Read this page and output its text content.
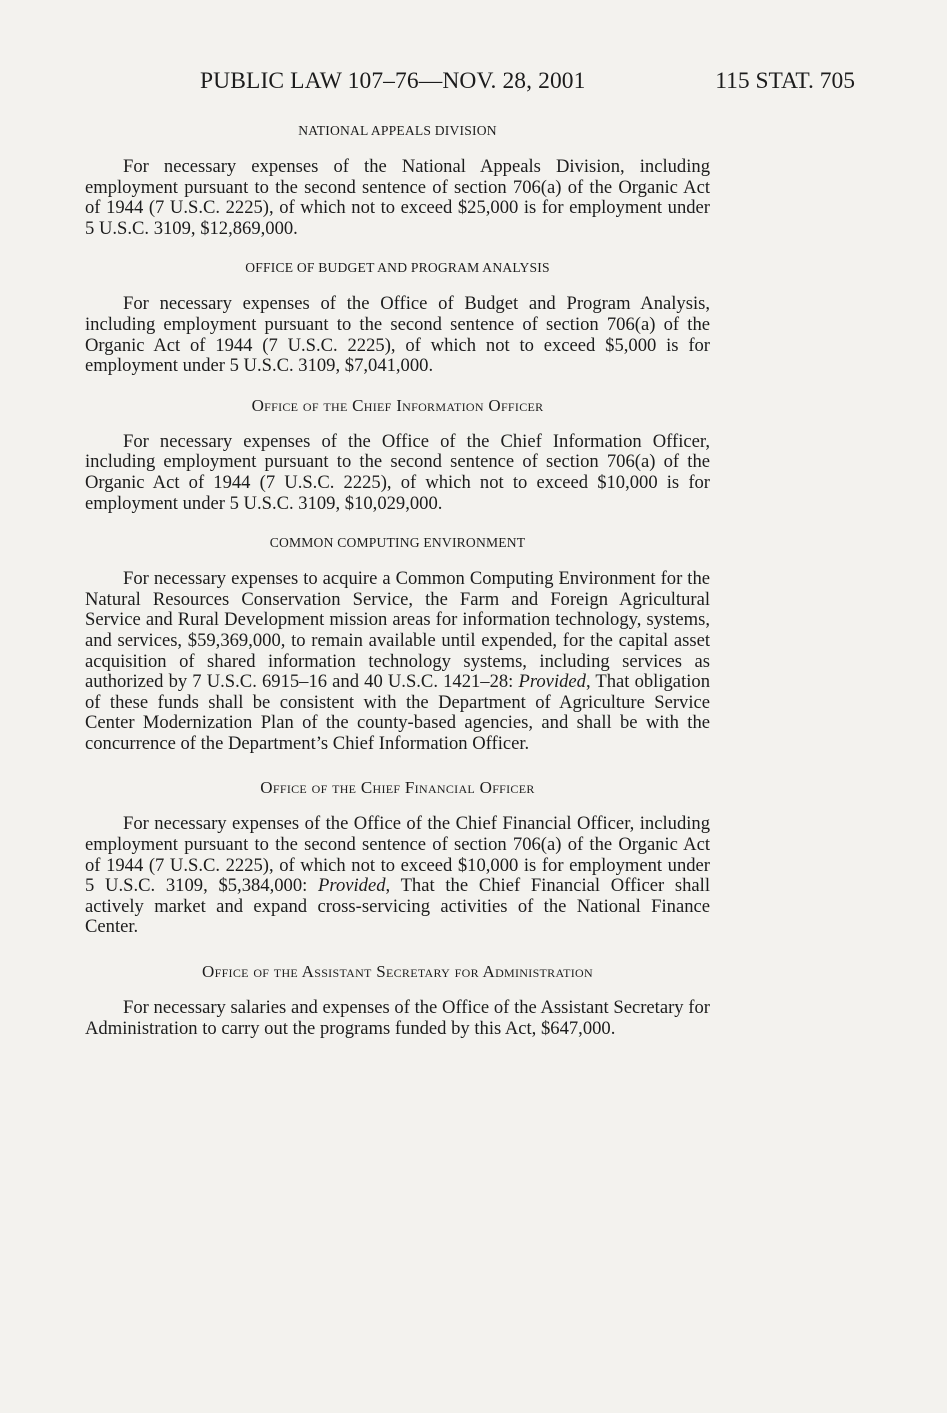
PUBLIC LAW 107–76—NOV. 28, 2001	115 STAT. 705

NATIONAL APPEALS DIVISION

For necessary expenses of the National Appeals Division, including employment pursuant to the second sentence of section 706(a) of the Organic Act of 1944 (7 U.S.C. 2225), of which not to exceed $25,000 is for employment under 5 U.S.C. 3109, $12,869,000.

OFFICE OF BUDGET AND PROGRAM ANALYSIS

For necessary expenses of the Office of Budget and Program Analysis, including employment pursuant to the second sentence of section 706(a) of the Organic Act of 1944 (7 U.S.C. 2225), of which not to exceed $5,000 is for employment under 5 U.S.C. 3109, $7,041,000.

Office of the Chief Information Officer

For necessary expenses of the Office of the Chief Information Officer, including employment pursuant to the second sentence of section 706(a) of the Organic Act of 1944 (7 U.S.C. 2225), of which not to exceed $10,000 is for employment under 5 U.S.C. 3109, $10,029,000.

COMMON COMPUTING ENVIRONMENT

For necessary expenses to acquire a Common Computing Environment for the Natural Resources Conservation Service, the Farm and Foreign Agricultural Service and Rural Development mission areas for information technology, systems, and services, $59,369,000, to remain available until expended, for the capital asset acquisition of shared information technology systems, including services as authorized by 7 U.S.C. 6915–16 and 40 U.S.C. 1421–28: Provided, That obligation of these funds shall be consistent with the Department of Agriculture Service Center Modernization Plan of the county-based agencies, and shall be with the concurrence of the Department’s Chief Information Officer.

Office of the Chief Financial Officer

For necessary expenses of the Office of the Chief Financial Officer, including employment pursuant to the second sentence of section 706(a) of the Organic Act of 1944 (7 U.S.C. 2225), of which not to exceed $10,000 is for employment under 5 U.S.C. 3109, $5,384,000: Provided, That the Chief Financial Officer shall actively market and expand cross-servicing activities of the National Finance Center.

Office of the Assistant Secretary for Administration

For necessary salaries and expenses of the Office of the Assistant Secretary for Administration to carry out the programs funded by this Act, $647,000.
